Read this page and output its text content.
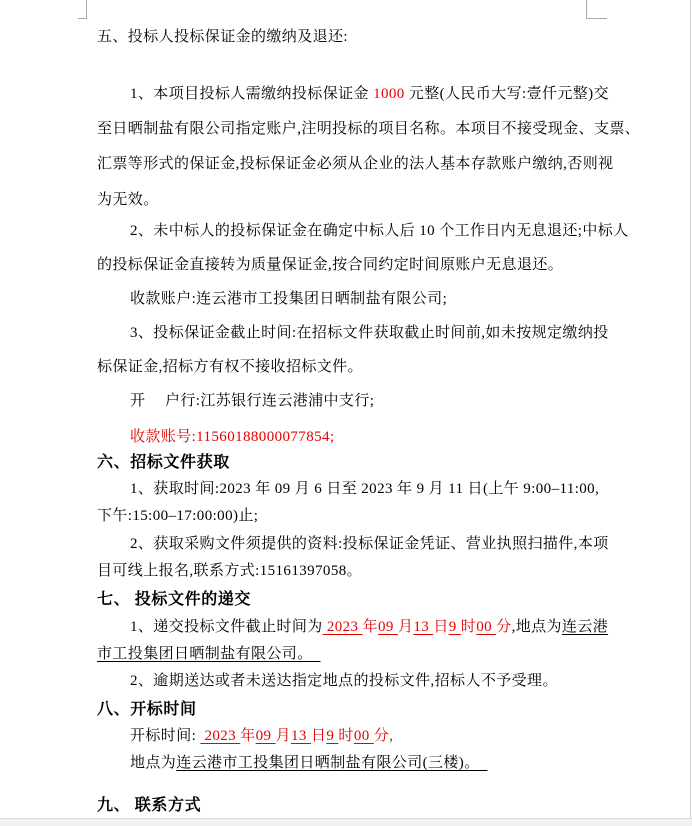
五、投标人投标保证金的缴纳及退还:
1、本项目投标人需缴纳投标保证金 1000 元整(人民币大写:壹仟元整)交
至日晒制盐有限公司指定账户,注明投标的项目名称。本项目不接受现金、支票、
汇票等形式的保证金,投标保证金必须从企业的法人基本存款账户缴纳,否则视
为无效。
2、未中标人的投标保证金在确定中标人后 10 个工作日内无息退还;中标人
的投标保证金直接转为质量保证金,按合同约定时间原账户无息退还。
收款账户:连云港市工投集团日晒制盐有限公司;
3、投标保证金截止时间:在招标文件获取截止时间前,如未按规定缴纳投
标保证金,招标方有权不接收招标文件。
开　 户行:江苏银行连云港浦中支行;
收款账号:11560188000077854;
六、招标文件获取
1、获取时间:2023 年 09 月 6 日至 2023 年 9 月 11 日(上午 9:00–11:00,
下午:15:00–17:00:00)止;
2、获取采购文件须提供的资料:投标保证金凭证、营业执照扫描件,本项
目可线上报名,联系方式:15161397058。
七、 投标文件的递交
1、递交投标文件截止时间为 2023 年09 月13 日9 时00 分,地点为连云港
市工投集团日晒制盐有限公司。　
2、逾期送达或者未送达指定地点的投标文件,招标人不予受理。
八、开标时间
开标时间:  2023 年09 月13 日9 时00 分,
地点为连云港市工投集团日晒制盐有限公司(三楼)。　
九、 联系方式
